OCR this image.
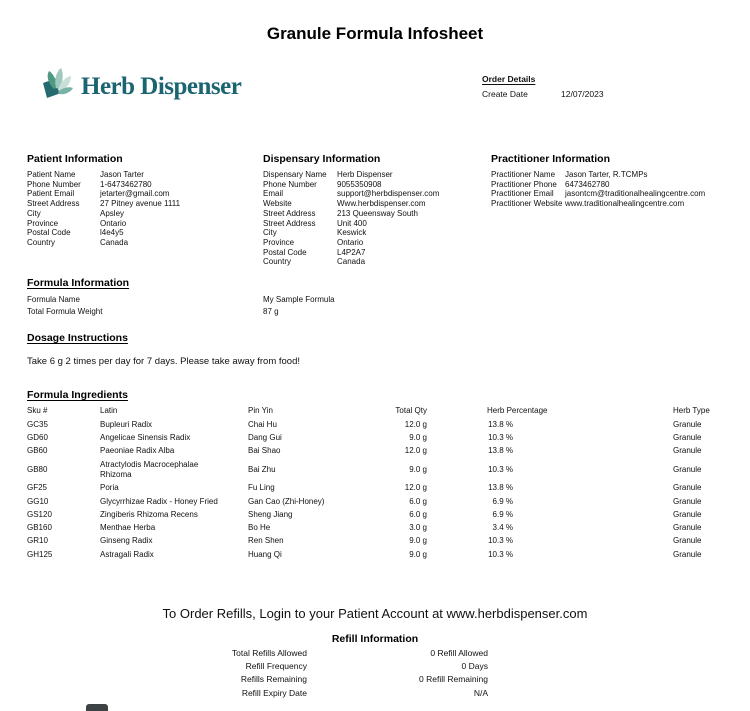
Granule Formula Infosheet
Herb Dispenser	Order Details
Create Date	12/07/2023
Patient Information
Patient Name	Jason Tarter
Phone Number 1-6473462780
Patient Email	jetarter@gmail.com
Street Address	27 Pitney avenue 1111
City	Apsley
Province	Ontario
Postal Code	l4e4y5
Country	Canada
Dispensary Information
Dispensary Name Herb Dispenser
Phone Number	9055350908
Email	support@herbdispenser.com
Website	Www.herbdispenser.com
Street Address	213 Queensway South
Street Address	Unit 400
City	Keswick
Province	Ontario
Postal Code	L4P2A7
Country	Canada
Practitioner Information
Practitioner Name Jason Tarter, R.TCMPs
Practitioner Phone 6473462780
Practitioner Email jasontcm@traditionalhealingcentre.com
Practitioner Website www.traditionalhealingcentre.com
Formula Information
Formula Name	My Sample Formula
Total Formula Weight	87 g
Dosage Instructions
Take 6 g 2 times per day for 7 days. Please take away from food!
Formula Ingredients
Sku #	Latin	Pin Yin	Total Qty	Herb Percentage	Herb Type
GC35	Bupleuri Radix	Chai Hu	12.0 g	13.8 %	Granule
GD60	Angelicae Sinensis Radix	Dang Gui	9.0 g	10.3 %	Granule
GB60	Paeoniae Radix Alba	Bai Shao	12.0 g	13.8 %	Granule
GB80	Atractylodis Macrocephalae Rhizoma	Bai Zhu	9.0 g	10.3 %	Granule
GF25	Poria	Fu Ling	12.0 g	13.8 %	Granule
GG10	Glycyrrhizae Radix - Honey Fried	Gan Cao (Zhi-Honey)	6.0 g	6.9 %	Granule
GS120	Zingiberis Rhizoma Recens	Sheng Jiang	6.0 g	6.9 %	Granule
GB160	Menthae Herba	Bo He	3.0 g	3.4 %	Granule
GR10	Ginseng Radix	Ren Shen	9.0 g	10.3 %	Granule
GH125	Astragali Radix	Huang Qi	9.0 g	10.3 %	Granule
To Order Refills, Login to your Patient Account at www.herbdispenser.com
Refill Information
Total Refills Allowed	0 Refill Allowed
Refill Frequency	0 Days
Refills Remaining	0 Refill Remaining
Refill Expiry Date	N/A
